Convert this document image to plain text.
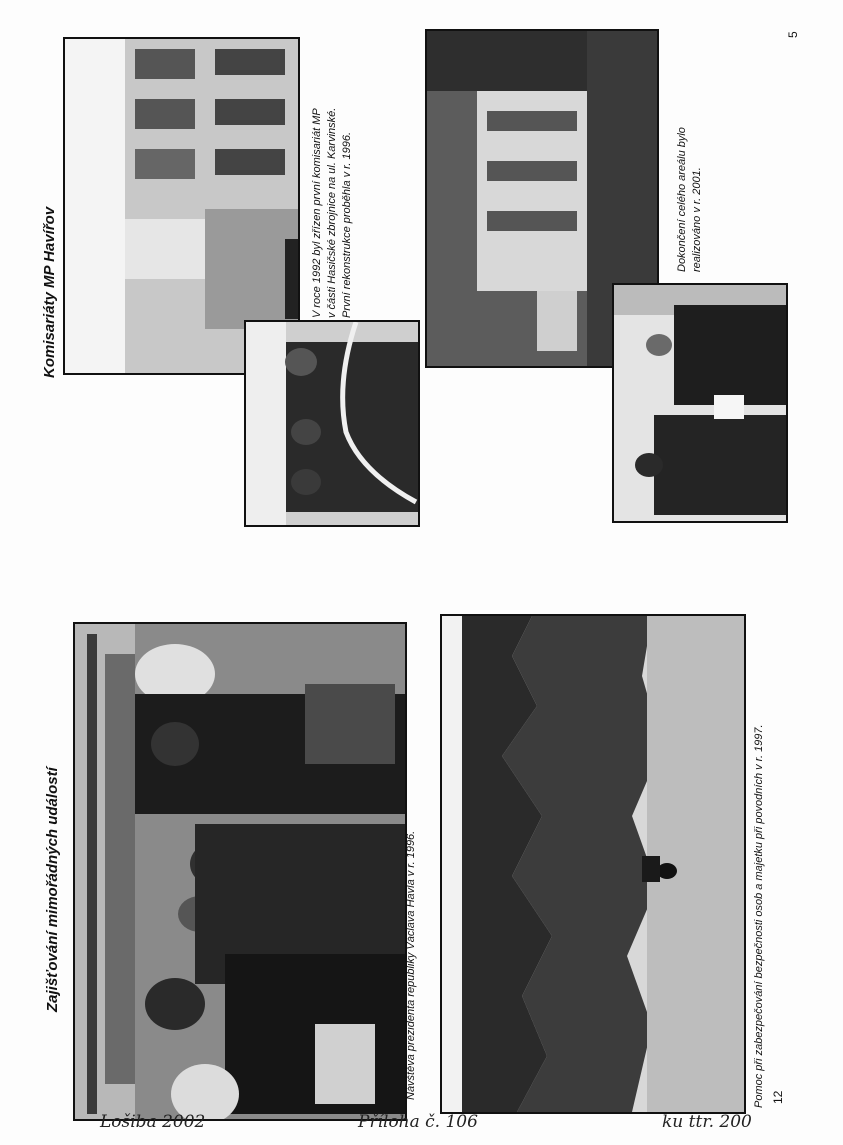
Zajišťování mimořádných událostí	Návštěva prezidenta republiky Václava Havla v r. 1996.	Pomoc při zabezpečování bezpečnosti osob a majetku při povodních v r. 1997. 12
Komisariáty MP Havířov	V roce 1992 byl zřízen první komisariát MP v části Hasičské zbrojnice na ul. Karvinské. První rekonstrukce proběhla v r. 1996.	Dokončení celého areálu bylo realizováno v r. 2001.
5
Lošiba 2002	Příloha č. 106	ku ttr. 200
